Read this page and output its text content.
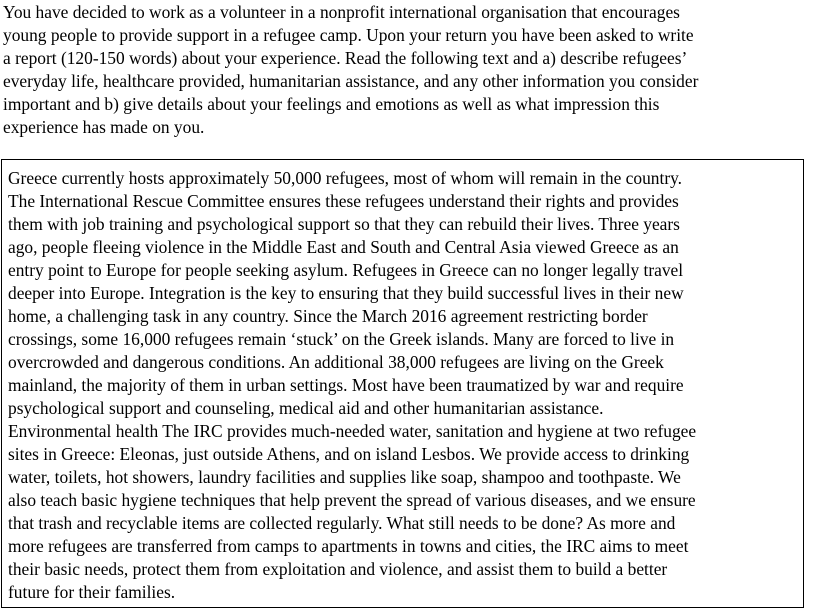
You have decided to work as a volunteer in a nonprofit international organisation that encourages
young people to provide support in a refugee camp. Upon your return you have been asked to write
a report (120-150 words) about your experience. Read the following text and a) describe refugees’
everyday life, healthcare provided, humanitarian assistance, and any other information you consider
important and b) give details about your feelings and emotions as well as what impression this
experience has made on you.
Greece currently hosts approximately 50,000 refugees, most of whom will remain in the country.
The International Rescue Committee ensures these refugees understand their rights and provides
them with job training and psychological support so that they can rebuild their lives. Three years
ago, people fleeing violence in the Middle East and South and Central Asia viewed Greece as an
entry point to Europe for people seeking asylum. Refugees in Greece can no longer legally travel
deeper into Europe. Integration is the key to ensuring that they build successful lives in their new
home, a challenging task in any country. Since the March 2016 agreement restricting border
crossings, some 16,000 refugees remain ‘stuck’ on the Greek islands. Many are forced to live in
overcrowded and dangerous conditions. An additional 38,000 refugees are living on the Greek
mainland, the majority of them in urban settings. Most have been traumatized by war and require
psychological support and counseling, medical aid and other humanitarian assistance.
Environmental health The IRC provides much-needed water, sanitation and hygiene at two refugee
sites in Greece: Eleonas, just outside Athens, and on island Lesbos. We provide access to drinking
water, toilets, hot showers, laundry facilities and supplies like soap, shampoo and toothpaste. We
also teach basic hygiene techniques that help prevent the spread of various diseases, and we ensure
that trash and recyclable items are collected regularly. What still needs to be done? As more and
more refugees are transferred from camps to apartments in towns and cities, the IRC aims to meet
their basic needs, protect them from exploitation and violence, and assist them to build a better
future for their families.
